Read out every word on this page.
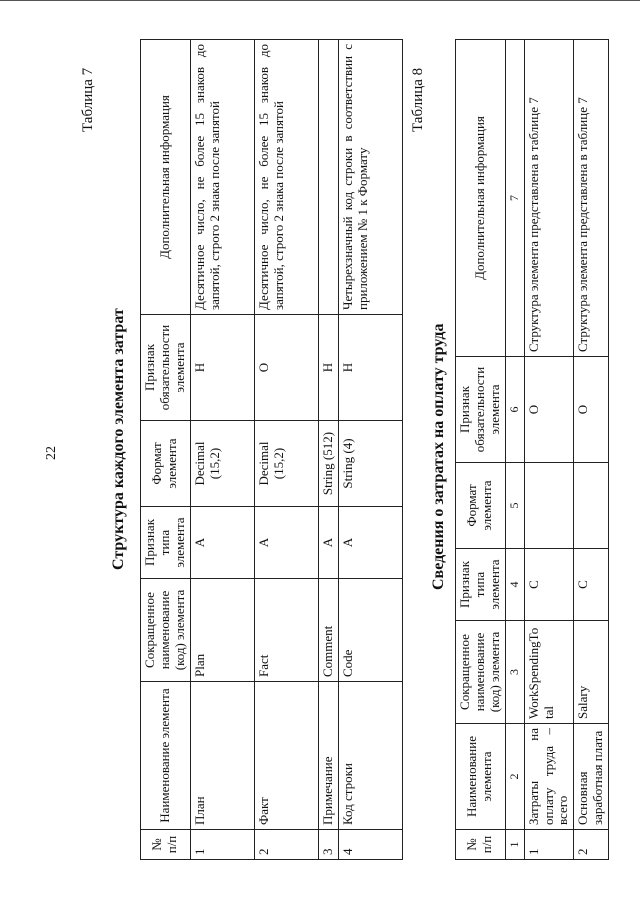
22
Таблица 7
Структура каждого элемента затрат
№ п/п	Наименование элемента	Сокращенное наименование (код) элемента	Признак типа элемента	Формат элемента	Признак обязательности элемента	Дополнительная информация
1	План	Plan	А	Decimal (15,2)	Н	Десятичное число, не более 15 знаков до запятой, строго 2 знака после запятой
2	Факт	Fact	А	Decimal (15,2)	О	Десятичное число, не более 15 знаков до запятой, строго 2 знака после запятой
3	Примечание	Comment	А	String (512)	Н	
4	Код строки	Code	А	String (4)	Н	Четырехзначный код строки в соответствии с приложением № 1 к Формату
Таблица 8
Сведения о затратах на оплату труда
№ п/п	Наименование элемента	Сокращенное наименование (код) элемента	Признак типа элемента	Формат элемента	Признак обязательности элемента	Дополнительная информация
1	2	3	4	5	6	7
1	Затраты на оплату труда – всего	WorkSpendingTotal	С		О	Структура элемента представлена в таблице 7
2	Основная заработная плата	Salary	С		О	Структура элемента представлена в таблице 7
